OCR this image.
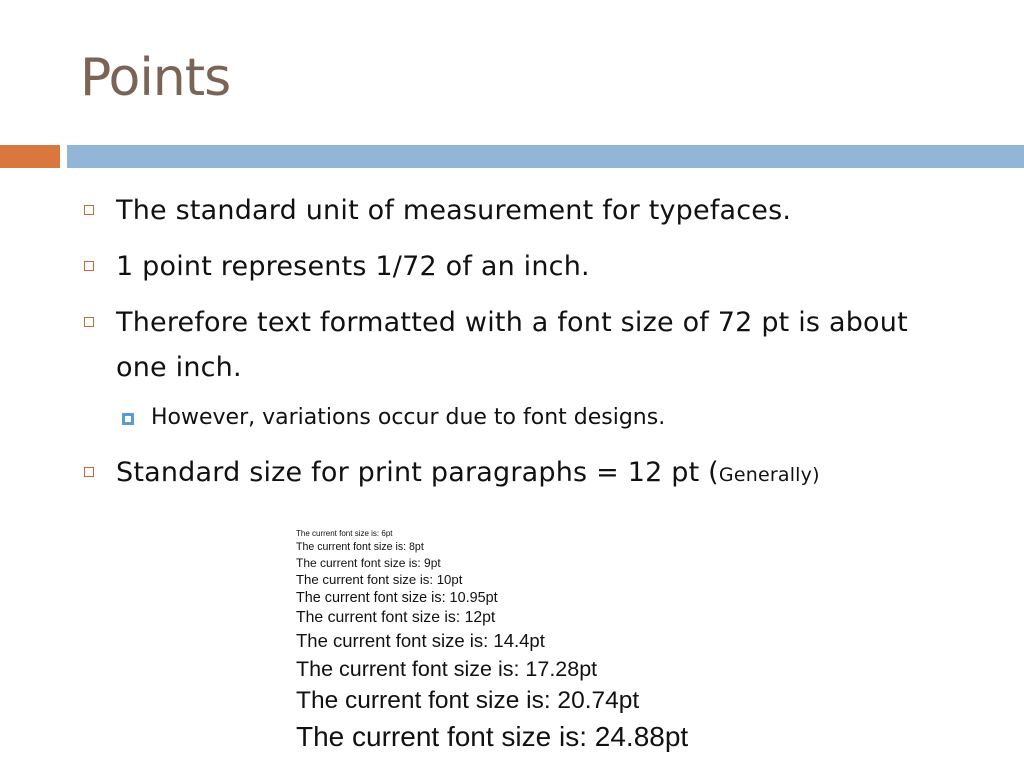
Points
The standard unit of measurement for typefaces.
1 point represents 1/72 of an inch.
Therefore text formatted with a font size of 72 pt is about one inch.
However, variations occur due to font designs.
Standard size for print paragraphs = 12 pt (Generally)
The current font size is: 6pt
The current font size is: 8pt
The current font size is: 9pt
The current font size is: 10pt
The current font size is: 10.95pt
The current font size is: 12pt
The current font size is: 14.4pt
The current font size is: 17.28pt
The current font size is: 20.74pt
The current font size is: 24.88pt
